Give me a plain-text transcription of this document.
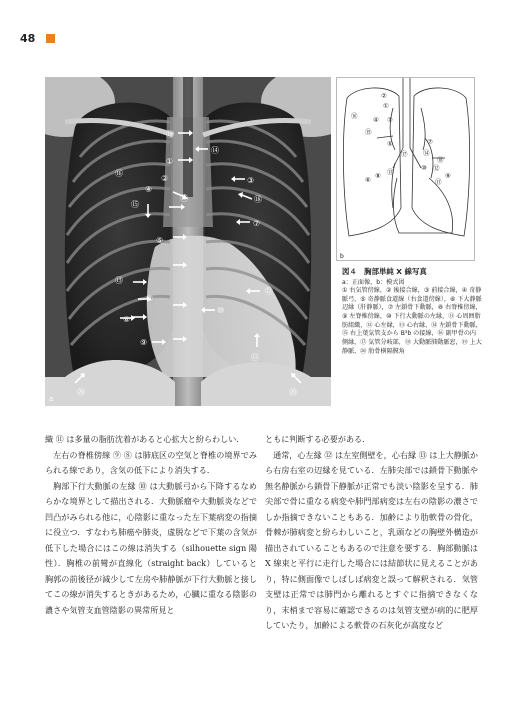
48
⑲
⑭
①
⑯
②	③
④
⑱
⑮
⑰
⑦
⑤
⑬
⑧
⑥
⑫
⑩
⑨
⑪
⑳	⑳
a
②
①
④ ③
⑤
⑰
⑦
⑭
⑱
⑫
⑩
⑨
⑪
⑥ ⑧ ⑬
⑮
⑯
b
図４　胸部単純 X 線写真

a：正面像，b：模式図

① 右気管傍線，② 後接合線，③ 前接合線，④ 奇静脈弓，⑤ 奇静脈食道線（右食道傍線），⑥ 下大静脈辺縁（肝静脈），⑦ 左鎖骨下動脈，⑧ 右脊椎傍線，⑨ 左脊椎傍線，⑩ 下行大動脈の左縁，⑪ 心周囲脂肪組織，⑫ 心左縁，⑬ 心右縁，⑭ 左鎖骨下動脈，⑮ 右上葉気管支から B³b の接線，⑯ 副甲骨の内側縁，⑰ 気管分岐部，⑱ 大動脈肺動脈窓，⑲ 上大静脈，⑳ 肋骨横隔膜角

織 ⑪ は多量の脂肪沈着があると心拡大と紛らわしい．

左右の脊椎傍線 ⑨ ⑧ は肺底区の空気と脊椎の境界でみられる線であり，含気の低下により消失する．

胸部下行大動脈の左縁 ⑩ は大動脈弓から下降するなめらかな境界として描出される．大動脈瘤や大動脈炎などで凹凸がみられる他に，心陰影に重なった左下葉病変の指摘に役立つ．すなわち肺癌や肺炎，虚脱などで下葉の含気が低下した場合にはこの線は消失する（silhouette sign 陽性）．胸椎の前彎が直線化（straight back）していると胸郭の前後径が減少して左房や肺静脈が下行大動脈と接してこの線が消失するときがあるため，心臓に重なる陰影の濃さや気管支血管陰影の異常所見と

ともに判断する必要がある．

通常，心左縁 ⑫ は左室側壁を，心右縁 ⑬ は上大静脈から右房右室の辺縁を見ている．左肺尖部では鎖骨下動脈や無名静脈から鎖骨下静脈が正常でも淡い陰影を呈する．肺尖部で骨に重なる病変や肺門部病変は左右の陰影の濃さでしか指摘できないこともある．加齢により肋軟骨の骨化，骨棘が肺病変と紛らわしいこと，乳頭などの胸壁外構造が描出されていることもあるので注意を要する．胸部動脈は X 線束と平行に走行した場合には結節状に見えることがあり，特に側面像でしばしば病変と誤って解釈される．気管支壁は正常では肺門から離れるとすぐに指摘できなくなり，末梢まで容易に確認できるのは気管支壁が病的に肥厚していたり，加齢による軟骨の石灰化が高度など
